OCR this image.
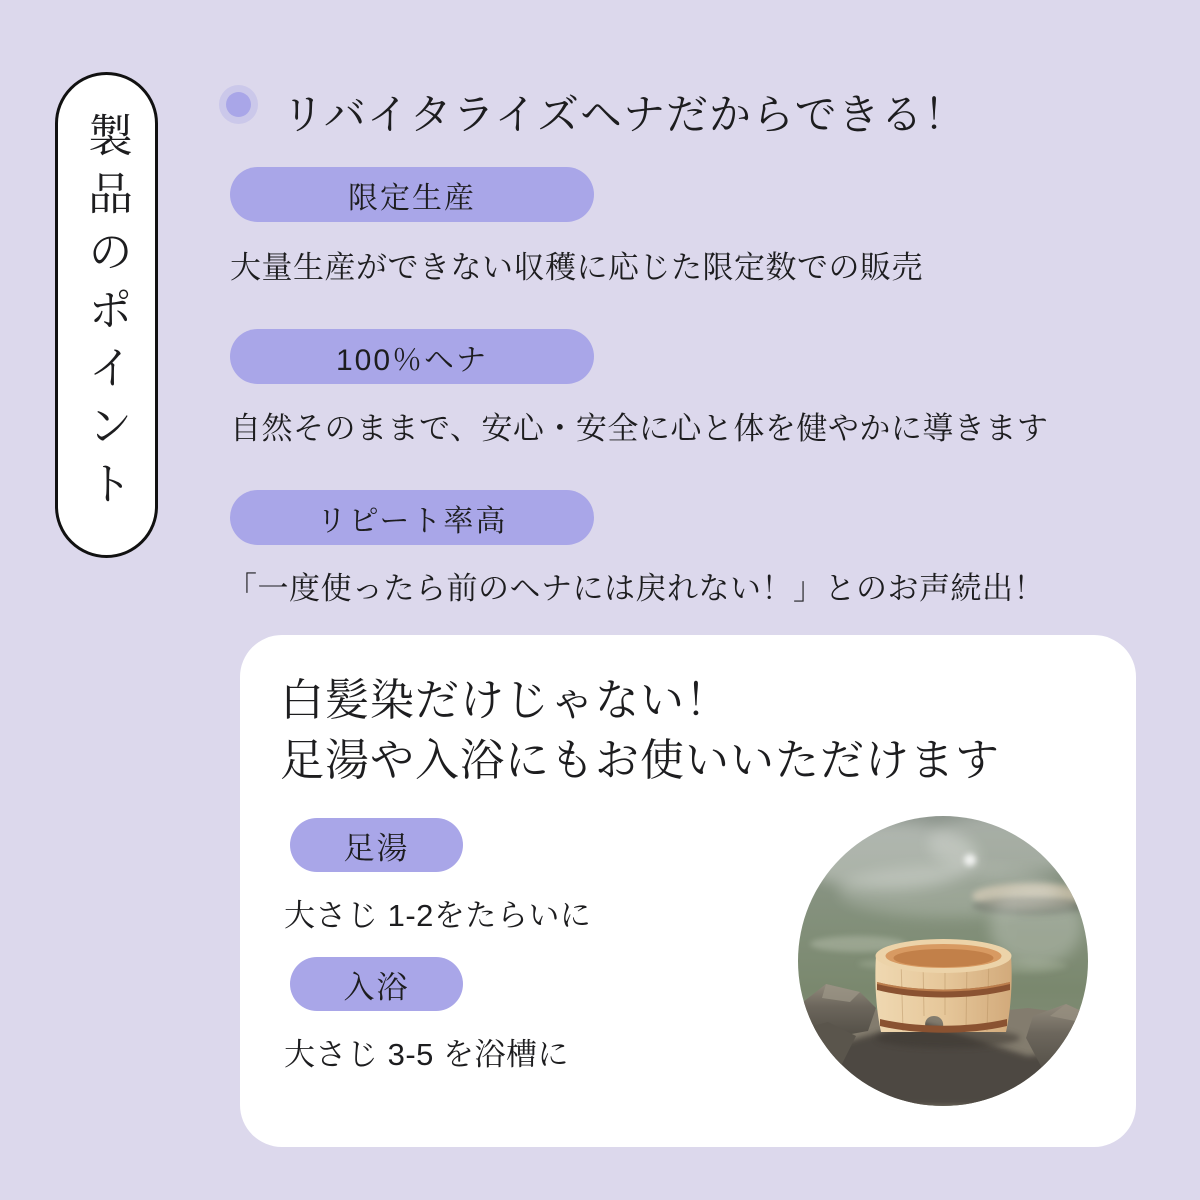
製品のポイント	リバイタライズヘナだからできる！
限定生産
大量生産ができない収穫に応じた限定数での販売
100％ヘナ
自然そのままで、安心・安全に心と体を健やかに導きます
リピート率高
「一度使ったら前のヘナには戻れない！」とのお声続出！
白髪染だけじゃない！
足湯や入浴にもお使いいただけます
足湯
大さじ 1-2をたらいに
入浴
大さじ 3-5 を浴槽に
